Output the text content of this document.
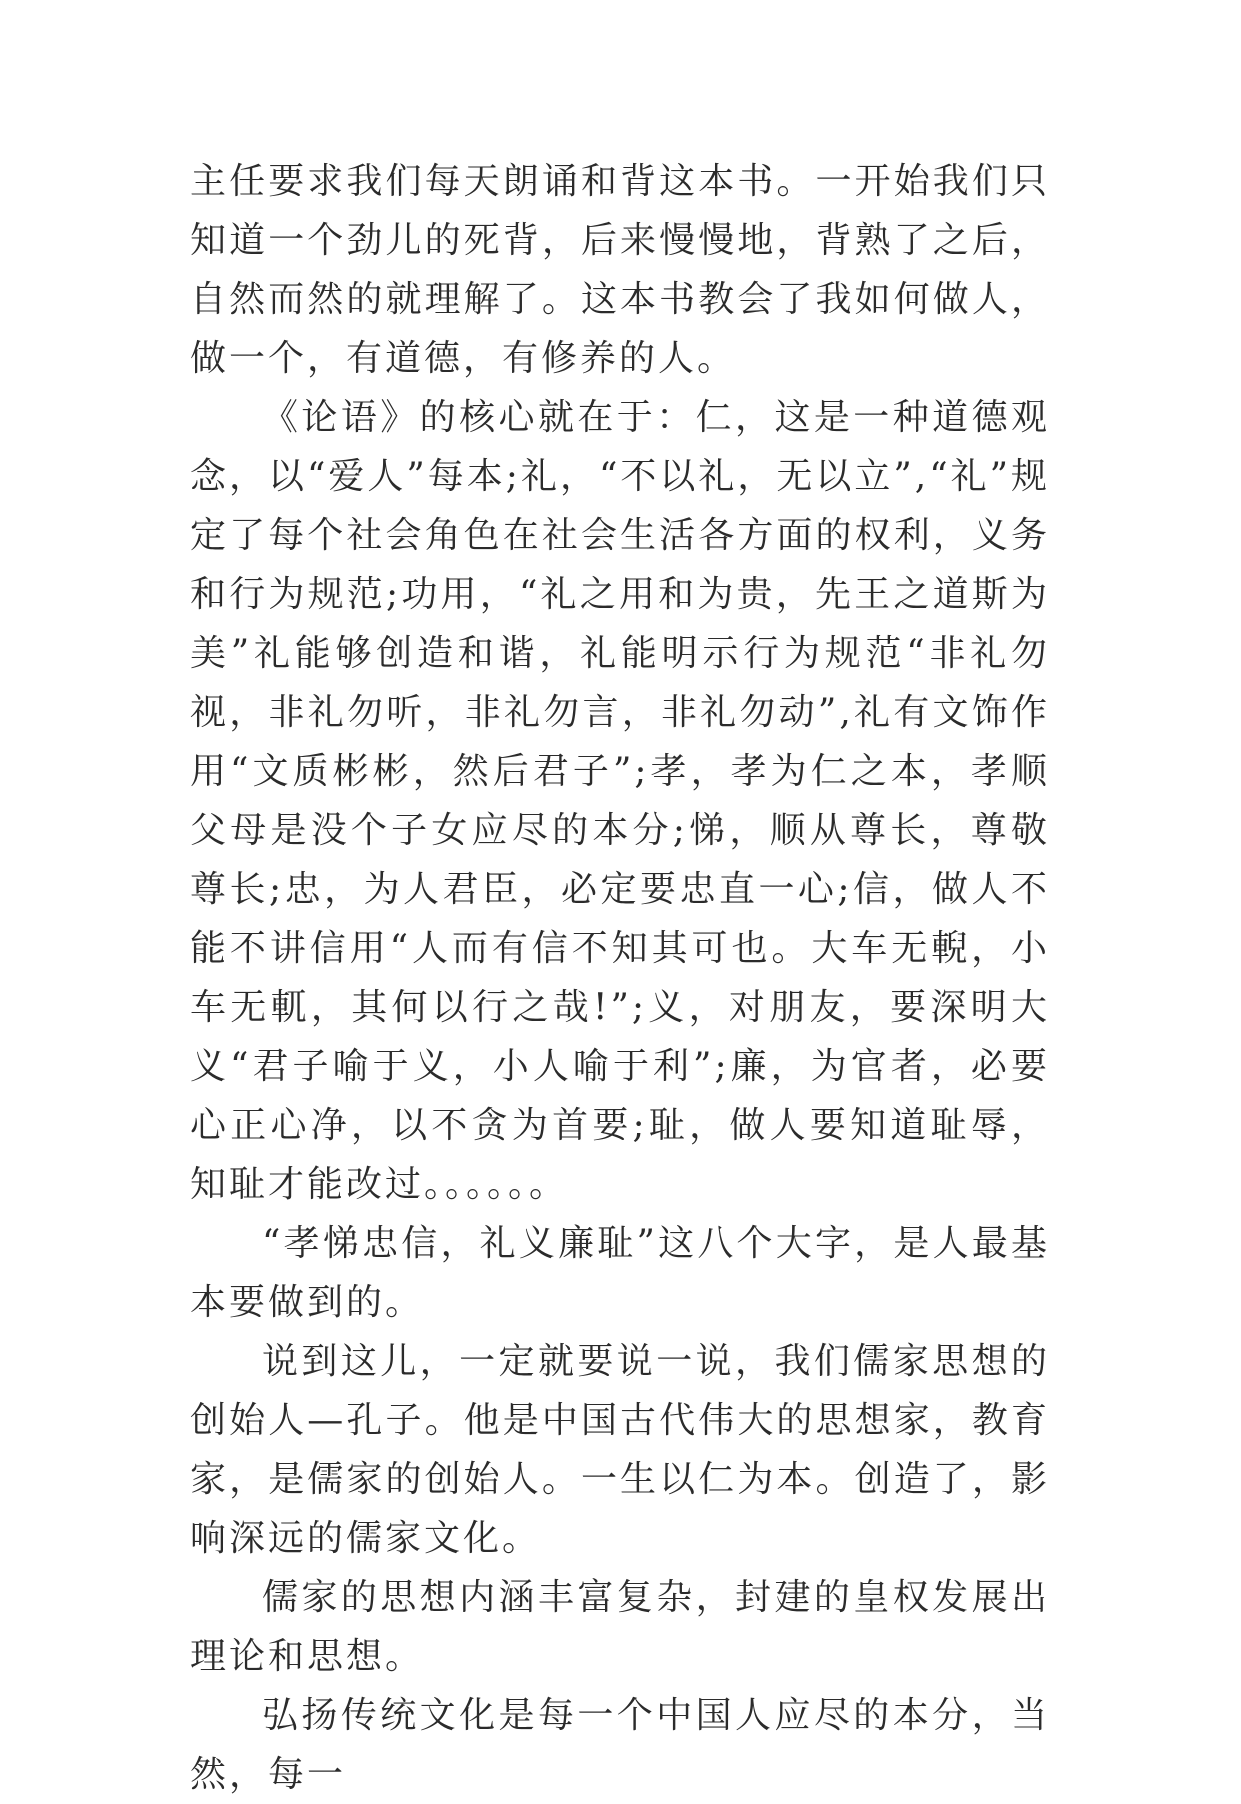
主任要求我们每天朗诵和背这本书。一开始我们只知道一个劲儿的死背，后来慢慢地，背熟了之后，自然而然的就理解了。这本书教会了我如何做人，做一个，有道德，有修养的人。

《论语》的核心就在于：仁，这是一种道德观念，以“爱人”每本;礼，“不以礼，无以立”,“礼”规定了每个社会角色在社会生活各方面的权利，义务和行为规范;功用，“礼之用和为贵，先王之道斯为美”礼能够创造和谐，礼能明示行为规范“非礼勿视，非礼勿听，非礼勿言，非礼勿动”,礼有文饰作用“文质彬彬，然后君子”;孝，孝为仁之本，孝顺父母是没个子女应尽的本分;悌，顺从尊长，尊敬尊长;忠，为人君臣，必定要忠直一心;信，做人不能不讲信用“人而有信不知其可也。大车无輗，小车无軏，其何以行之哉!”;义，对朋友，要深明大义“君子喻于义，小人喻于利”;廉，为官者，必要心正心净，以不贪为首要;耻，做人要知道耻辱，知耻才能改过。。。。。。

“孝悌忠信，礼义廉耻”这八个大字，是人最基本要做到的。

说到这儿，一定就要说一说，我们儒家思想的创始人—孔子。他是中国古代伟大的思想家，教育家，是儒家的创始人。一生以仁为本。创造了，影响深远的儒家文化。

儒家的思想内涵丰富复杂，封建的皇权发展出理论和思想。

弘扬传统文化是每一个中国人应尽的本分，当然，每一
